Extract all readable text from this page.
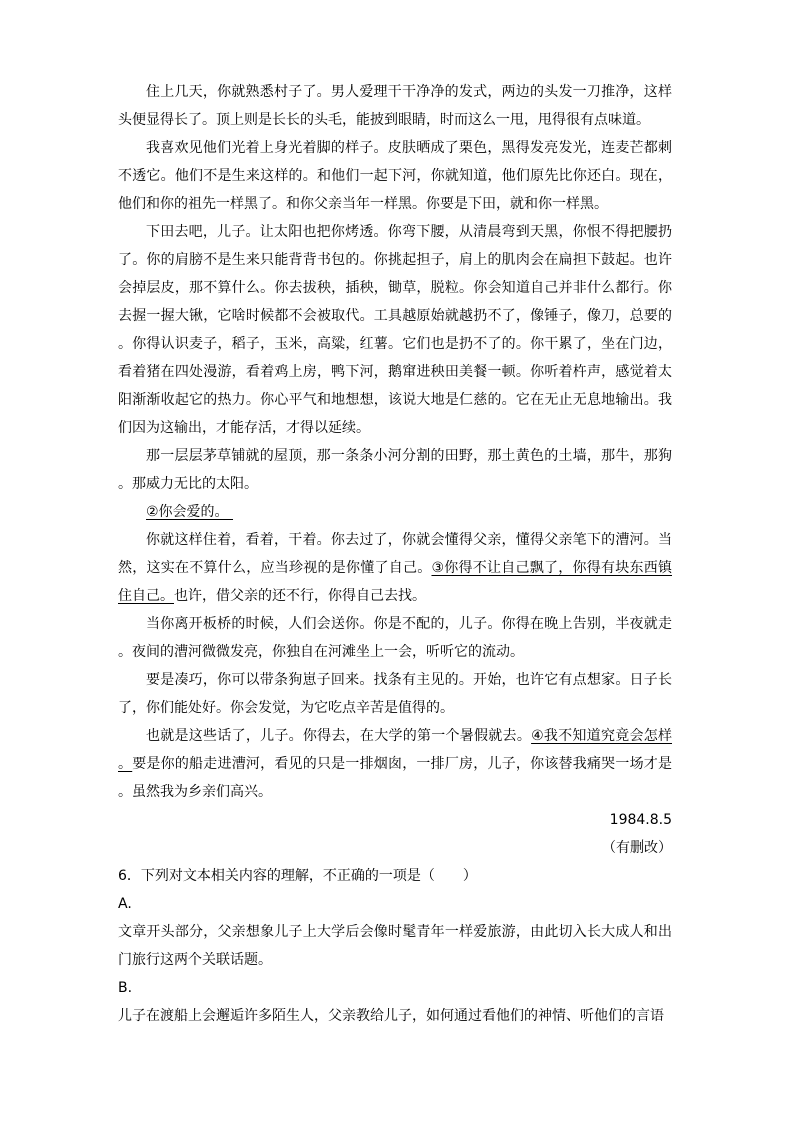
住上几天，你就熟悉村子了。男人爱理干干净净的发式，两边的头发一刀推净，这样头便显得长了。顶上则是长长的头毛，能披到眼睛，时而这么一甩，甩得很有点味道。

我喜欢见他们光着上身光着脚的样子。皮肤晒成了栗色，黑得发亮发光，连麦芒都刺不透它。他们不是生来这样的。和他们一起下河，你就知道，他们原先比你还白。现在，他们和你的祖先一样黑了。和你父亲当年一样黑。你要是下田，就和你一样黑。

下田去吧，儿子。让太阳也把你烤透。你弯下腰，从清晨弯到天黑，你恨不得把腰扔了。你的肩膀不是生来只能背背书包的。你挑起担子，肩上的肌肉会在扁担下鼓起。也许会掉层皮，那不算什么。你去拔秧，插秧，锄草，脱粒。你会知道自己并非什么都行。你去握一握大锹，它啥时候都不会被取代。工具越原始就越扔不了，像锤子，像刀，总要的。你得认识麦子，稻子，玉米，高粱，红薯。它们也是扔不了的。你干累了，坐在门边，看着猪在四处漫游，看着鸡上房，鸭下河，鹅窜进秧田美餐一顿。你听着杵声，感觉着太阳渐渐收起它的热力。你心平气和地想想，该说大地是仁慈的。它在无止无息地输出。我们因为这输出，才能存活，才得以延续。

那一层层茅草铺就的屋顶，那一条条小河分割的田野，那土黄色的土墙，那牛，那狗。那威力无比的太阳。

②你会爱的。

你就这样住着，看着，干着。你去过了，你就会懂得父亲，懂得父亲笔下的漕河。当然，这实在不算什么，应当珍视的是你懂了自己。③你得不让自己飘了，你得有块东西镇住自己。也许，借父亲的还不行，你得自己去找。

当你离开板桥的时候，人们会送你。你是不配的，儿子。你得在晚上告别，半夜就走。夜间的漕河微微发亮，你独自在河滩坐上一会，听听它的流动。

要是凑巧，你可以带条狗崽子回来。找条有主见的。开始，也许它有点想家。日子长了，你们能处好。你会发觉，为它吃点辛苦是值得的。

也就是这些话了，儿子。你得去，在大学的第一个暑假就去。④我不知道究竟会怎样。要是你的船走进漕河，看见的只是一排烟囱，一排厂房，儿子，你该替我痛哭一场才是。虽然我为乡亲们高兴。

1984.8.5

（有删改）

6．下列对文本相关内容的理解，不正确的一项是（　　）

A.

文章开头部分，父亲想象儿子上大学后会像时髦青年一样爱旅游，由此切入长大成人和出门旅行这两个关联话题。

B.

儿子在渡船上会邂逅许多陌生人，父亲教给儿子，如何通过看他们的神情、听他们的言语
